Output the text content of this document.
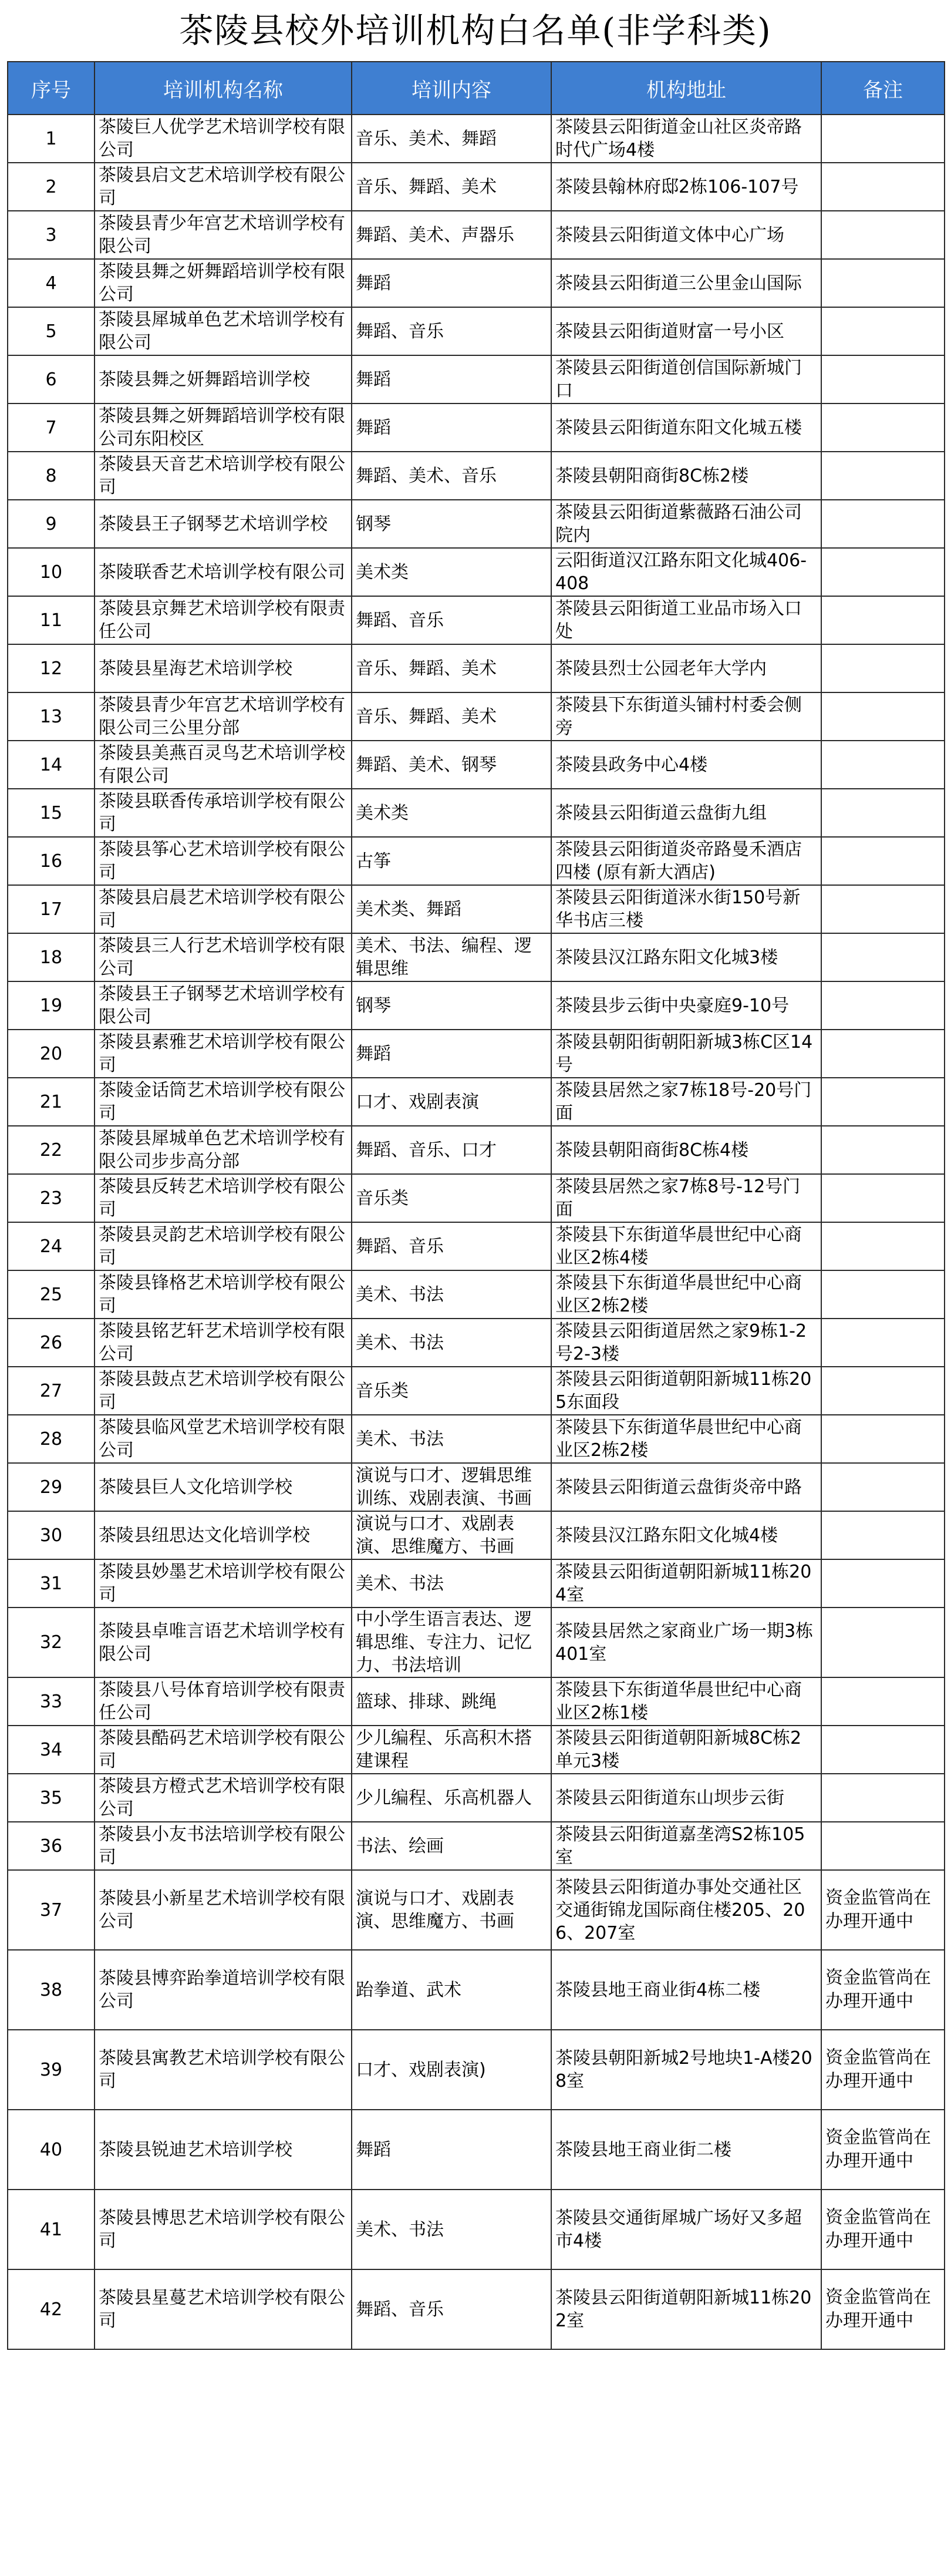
茶陵县校外培训机构白名单(非学科类)
序号	培训机构名称	培训内容	机构地址	备注
1	茶陵巨人优学艺术培训学校有限公司	音乐、美术、舞蹈	茶陵县云阳街道金山社区炎帝路时代广场4楼	
2	茶陵县启文艺术培训学校有限公司	音乐、舞蹈、美术	茶陵县翰林府邸2栋106-107号	
3	茶陵县青少年宫艺术培训学校有限公司	舞蹈、美术、声器乐	茶陵县云阳街道文体中心广场	
4	茶陵县舞之妍舞蹈培训学校有限公司	舞蹈	茶陵县云阳街道三公里金山国际	
5	茶陵县犀城单色艺术培训学校有限公司	舞蹈、音乐	茶陵县云阳街道财富一号小区	
6	茶陵县舞之妍舞蹈培训学校	舞蹈	茶陵县云阳街道创信国际新城门口	
7	茶陵县舞之妍舞蹈培训学校有限公司东阳校区	舞蹈	茶陵县云阳街道东阳文化城五楼	
8	茶陵县天音艺术培训学校有限公司	舞蹈、美术、音乐	茶陵县朝阳商街8C栋2楼	
9	茶陵县王子钢琴艺术培训学校	钢琴	茶陵县云阳街道紫薇路石油公司院内	
10	茶陵联香艺术培训学校有限公司	美术类	云阳街道汉江路东阳文化城406-408	
11	茶陵县京舞艺术培训学校有限责任公司	舞蹈、音乐	茶陵县云阳街道工业品市场入口处	
12	茶陵县星海艺术培训学校	音乐、舞蹈、美术	茶陵县烈士公园老年大学内	
13	茶陵县青少年宫艺术培训学校有限公司三公里分部	音乐、舞蹈、美术	茶陵县下东街道头铺村村委会侧旁	
14	茶陵县美燕百灵鸟艺术培训学校有限公司	舞蹈、美术、钢琴	茶陵县政务中心4楼	
15	茶陵县联香传承培训学校有限公司	美术类	茶陵县云阳街道云盘街九组	
16	茶陵县筝心艺术培训学校有限公司	古筝	茶陵县云阳街道炎帝路曼禾酒店四楼 (原有新大酒店)	
17	茶陵县启晨艺术培训学校有限公司	美术类、舞蹈	茶陵县云阳街道洣水街150号新华书店三楼	
18	茶陵县三人行艺术培训学校有限公司	美术、书法、编程、逻辑思维	茶陵县汉江路东阳文化城3楼	
19	茶陵县王子钢琴艺术培训学校有限公司	钢琴	茶陵县步云街中央豪庭9-10号	
20	茶陵县素雅艺术培训学校有限公司	舞蹈	茶陵县朝阳街朝阳新城3栋C区14号	
21	茶陵金话筒艺术培训学校有限公司	口才、戏剧表演	茶陵县居然之家7栋18号-20号门面	
22	茶陵县犀城单色艺术培训学校有限公司步步高分部	舞蹈、音乐、口才	茶陵县朝阳商街8C栋4楼	
23	茶陵县反转艺术培训学校有限公司	音乐类	茶陵县居然之家7栋8号-12号门面	
24	茶陵县灵韵艺术培训学校有限公司	舞蹈、音乐	茶陵县下东街道华晨世纪中心商业区2栋4楼	
25	茶陵县锋格艺术培训学校有限公司	美术、书法	茶陵县下东街道华晨世纪中心商业区2栋2楼	
26	茶陵县铭艺轩艺术培训学校有限公司	美术、书法	茶陵县云阳街道居然之家9栋1-2号2-3楼	
27	茶陵县鼓点艺术培训学校有限公司	音乐类	茶陵县云阳街道朝阳新城11栋205东面段	
28	茶陵县临风堂艺术培训学校有限公司	美术、书法	茶陵县下东街道华晨世纪中心商业区2栋2楼	
29	茶陵县巨人文化培训学校	演说与口才、逻辑思维训练、戏剧表演、书画	茶陵县云阳街道云盘街炎帝中路	
30	茶陵县纽思达文化培训学校	演说与口才、戏剧表演、思维魔方、书画	茶陵县汉江路东阳文化城4楼	
31	茶陵县妙墨艺术培训学校有限公司	美术、书法	茶陵县云阳街道朝阳新城11栋204室	
32	茶陵县卓唯言语艺术培训学校有限公司	中小学生语言表达、逻辑思维、专注力、记忆力、书法培训	茶陵县居然之家商业广场一期3栋401室	
33	茶陵县八号体育培训学校有限责任公司	篮球、排球、跳绳	茶陵县下东街道华晨世纪中心商业区2栋1楼	
34	茶陵县酷码艺术培训学校有限公司	少儿编程、乐高积木搭建课程	茶陵县云阳街道朝阳新城8C栋2单元3楼	
35	茶陵县方橙式艺术培训学校有限公司	少儿编程、乐高机器人	茶陵县云阳街道东山坝步云街	
36	茶陵县小友书法培训学校有限公司	书法、绘画	茶陵县云阳街道嘉垄湾S2栋105室	
37	茶陵县小新星艺术培训学校有限公司	演说与口才、戏剧表演、思维魔方、书画	茶陵县云阳街道办事处交通社区交通街锦龙国际商住楼205、206、207室	资金监管尚在办理开通中
38	茶陵县博弈跆拳道培训学校有限公司	跆拳道、武术	茶陵县地王商业街4栋二楼	资金监管尚在办理开通中
39	茶陵县寓教艺术培训学校有限公司	口才、戏剧表演)	茶陵县朝阳新城2号地块1-A楼208室	资金监管尚在办理开通中
40	茶陵县锐迪艺术培训学校	舞蹈	茶陵县地王商业街二楼	资金监管尚在办理开通中
41	茶陵县博思艺术培训学校有限公司	美术、书法	茶陵县交通街犀城广场好又多超市4楼	资金监管尚在办理开通中
42	茶陵县星蔓艺术培训学校有限公司	舞蹈、音乐	茶陵县云阳街道朝阳新城11栋202室	资金监管尚在办理开通中
